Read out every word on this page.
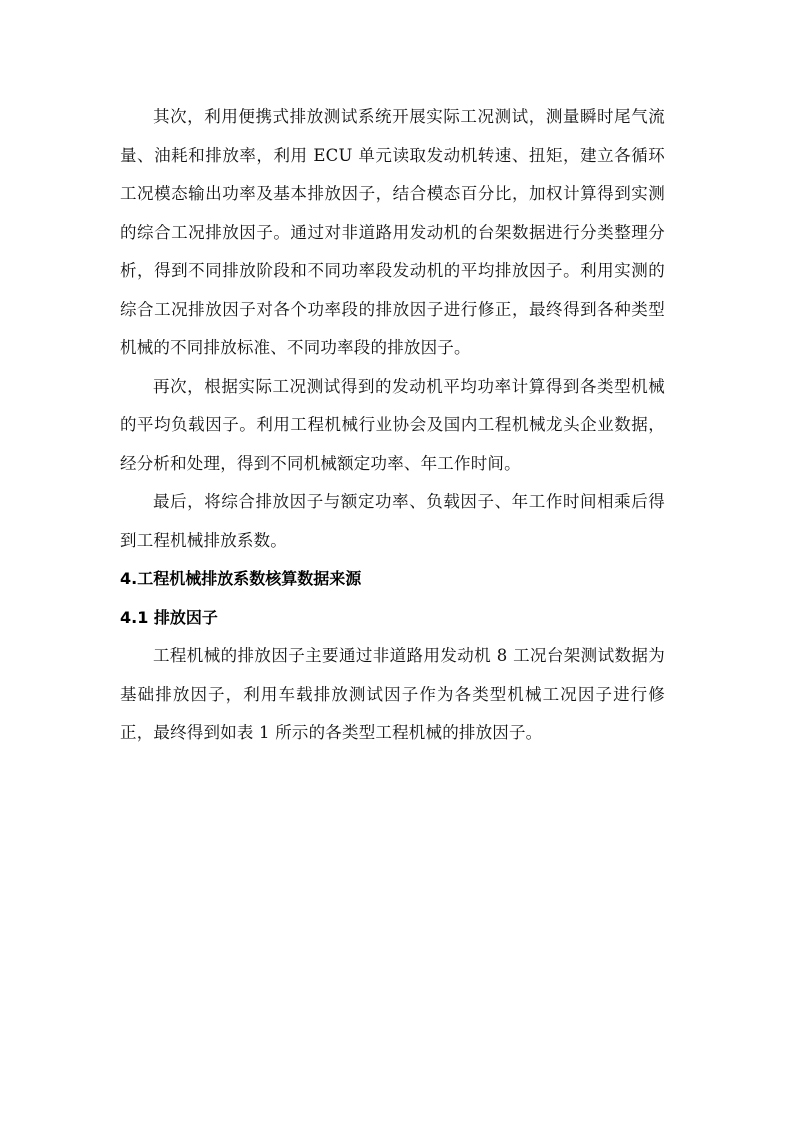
其次，利用便携式排放测试系统开展实际工况测试，测量瞬时尾气流量、油耗和排放率，利用 ECU 单元读取发动机转速、扭矩，建立各循环工况模态输出功率及基本排放因子，结合模态百分比，加权计算得到实测的综合工况排放因子。通过对非道路用发动机的台架数据进行分类整理分析，得到不同排放阶段和不同功率段发动机的平均排放因子。利用实测的综合工况排放因子对各个功率段的排放因子进行修正，最终得到各种类型机械的不同排放标准、不同功率段的排放因子。

再次，根据实际工况测试得到的发动机平均功率计算得到各类型机械的平均负载因子。利用工程机械行业协会及国内工程机械龙头企业数据，经分析和处理，得到不同机械额定功率、年工作时间。

最后，将综合排放因子与额定功率、负载因子、年工作时间相乘后得到工程机械排放系数。

4.工程机械排放系数核算数据来源
4.1 排放因子

工程机械的排放因子主要通过非道路用发动机 8 工况台架测试数据为基础排放因子，利用车载排放测试因子作为各类型机械工况因子进行修正，最终得到如表 1 所示的各类型工程机械的排放因子。
